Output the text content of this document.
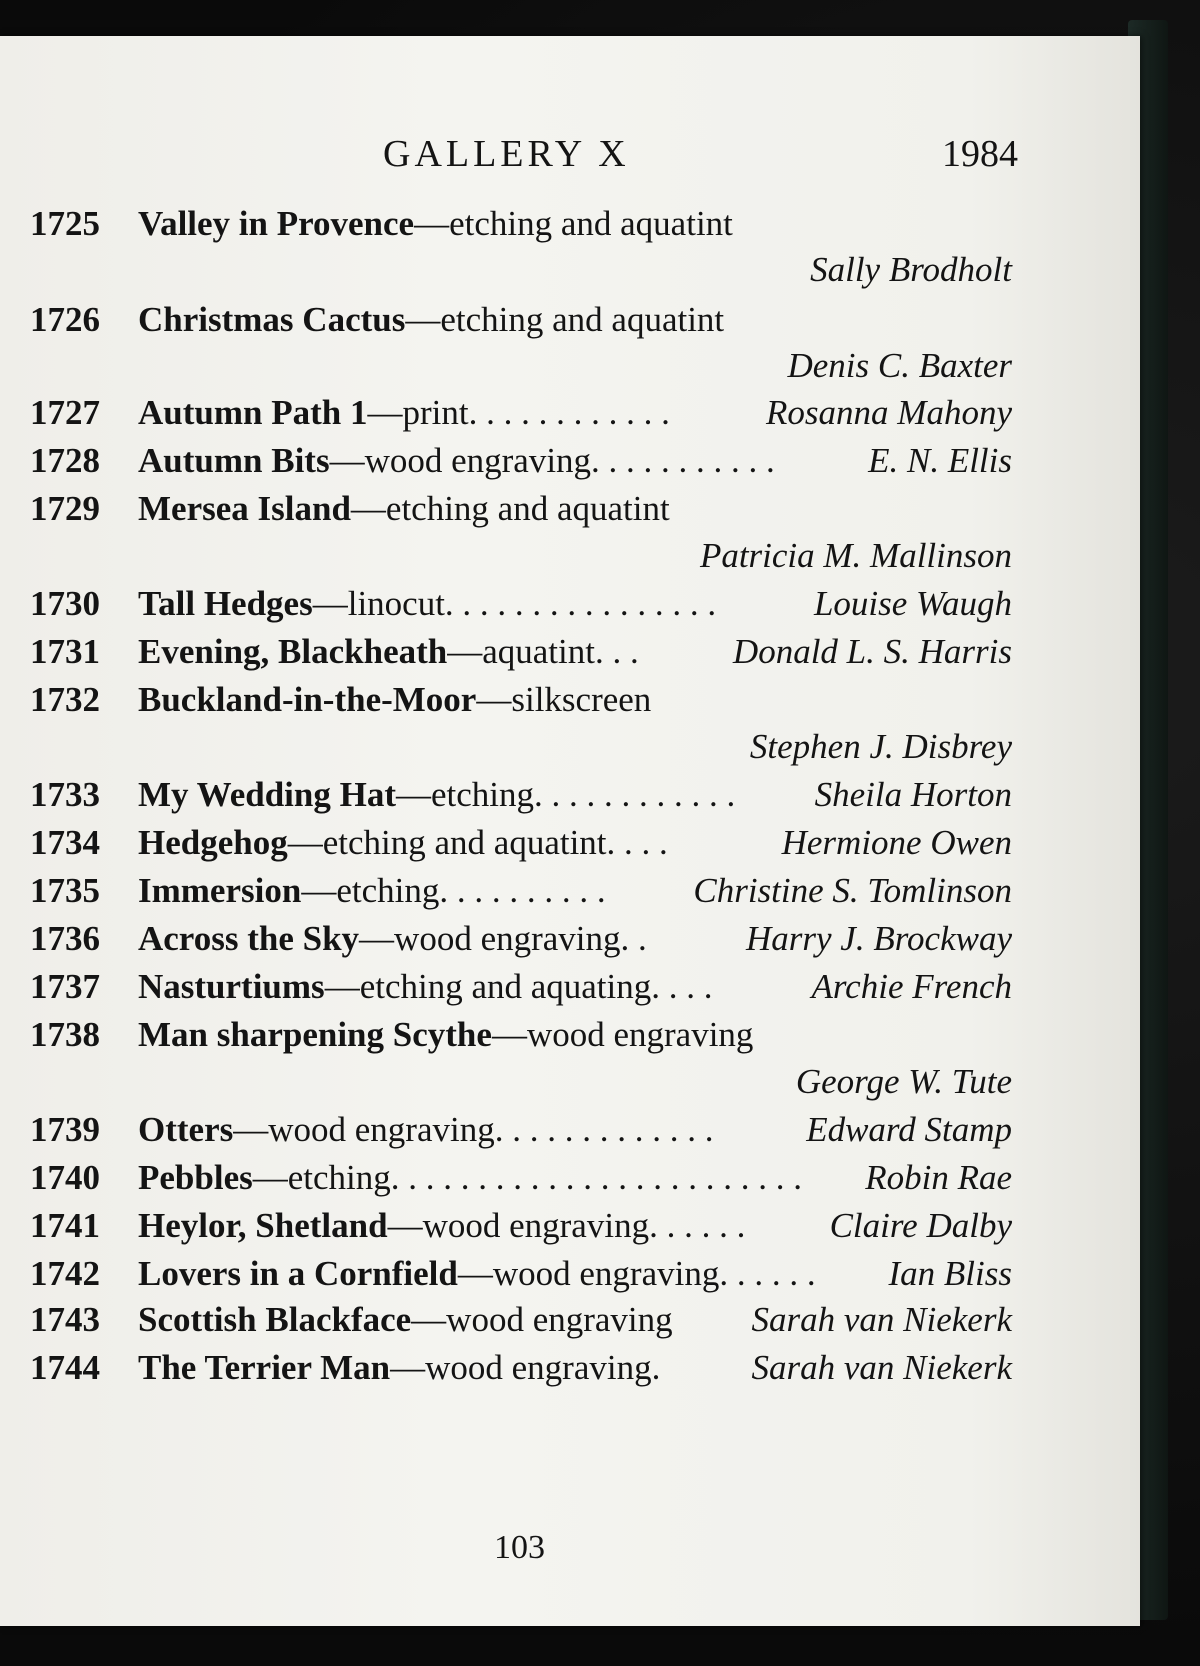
GALLERY X	1984
1725 Valley in Provence—etching and aquatint
Sally Brodholt
1726 Christmas Cactus—etching and aquatint
Denis C. Baxter
1727 Autumn Path 1—print. . . . . . . . . . . .	Rosanna Mahony
1728 Autumn Bits—wood engraving. . . . . . . . . . .	E. N. Ellis
1729 Mersea Island—etching and aquatint
Patricia M. Mallinson
1730 Tall Hedges—linocut. . . . . . . . . . . . . . . .	Louise Waugh
1731 Evening, Blackheath—aquatint. . .	Donald L. S. Harris
1732 Buckland-in-the-Moor—silkscreen
Stephen J. Disbrey
1733 My Wedding Hat—etching. . . . . . . . . . . . Sheila Horton
1734 Hedgehog—etching and aquatint. . . .	Hermione Owen
1735 Immersion—etching. . . . . . . . . .	Christine S. Tomlinson
1736 Across the Sky—wood engraving. .	Harry J. Brockway
1737 Nasturtiums—etching and aquating. . . .	Archie French
1738 Man sharpening Scythe—wood engraving
George W. Tute
1739 Otters—wood engraving. . . . . . . . . . . . .	Edward Stamp
1740 Pebbles—etching. . . . . . . . . . . . . . . . . . . . . . . . Robin Rae
1741 Heylor, Shetland—wood engraving. . . . . . Claire Dalby
1742 Lovers in a Cornfield—wood engraving. . . . . . Ian Bliss
1743 Scottish Blackface—wood engraving Sarah van Niekerk
1744 The Terrier Man—wood engraving.	Sarah van Niekerk
103
